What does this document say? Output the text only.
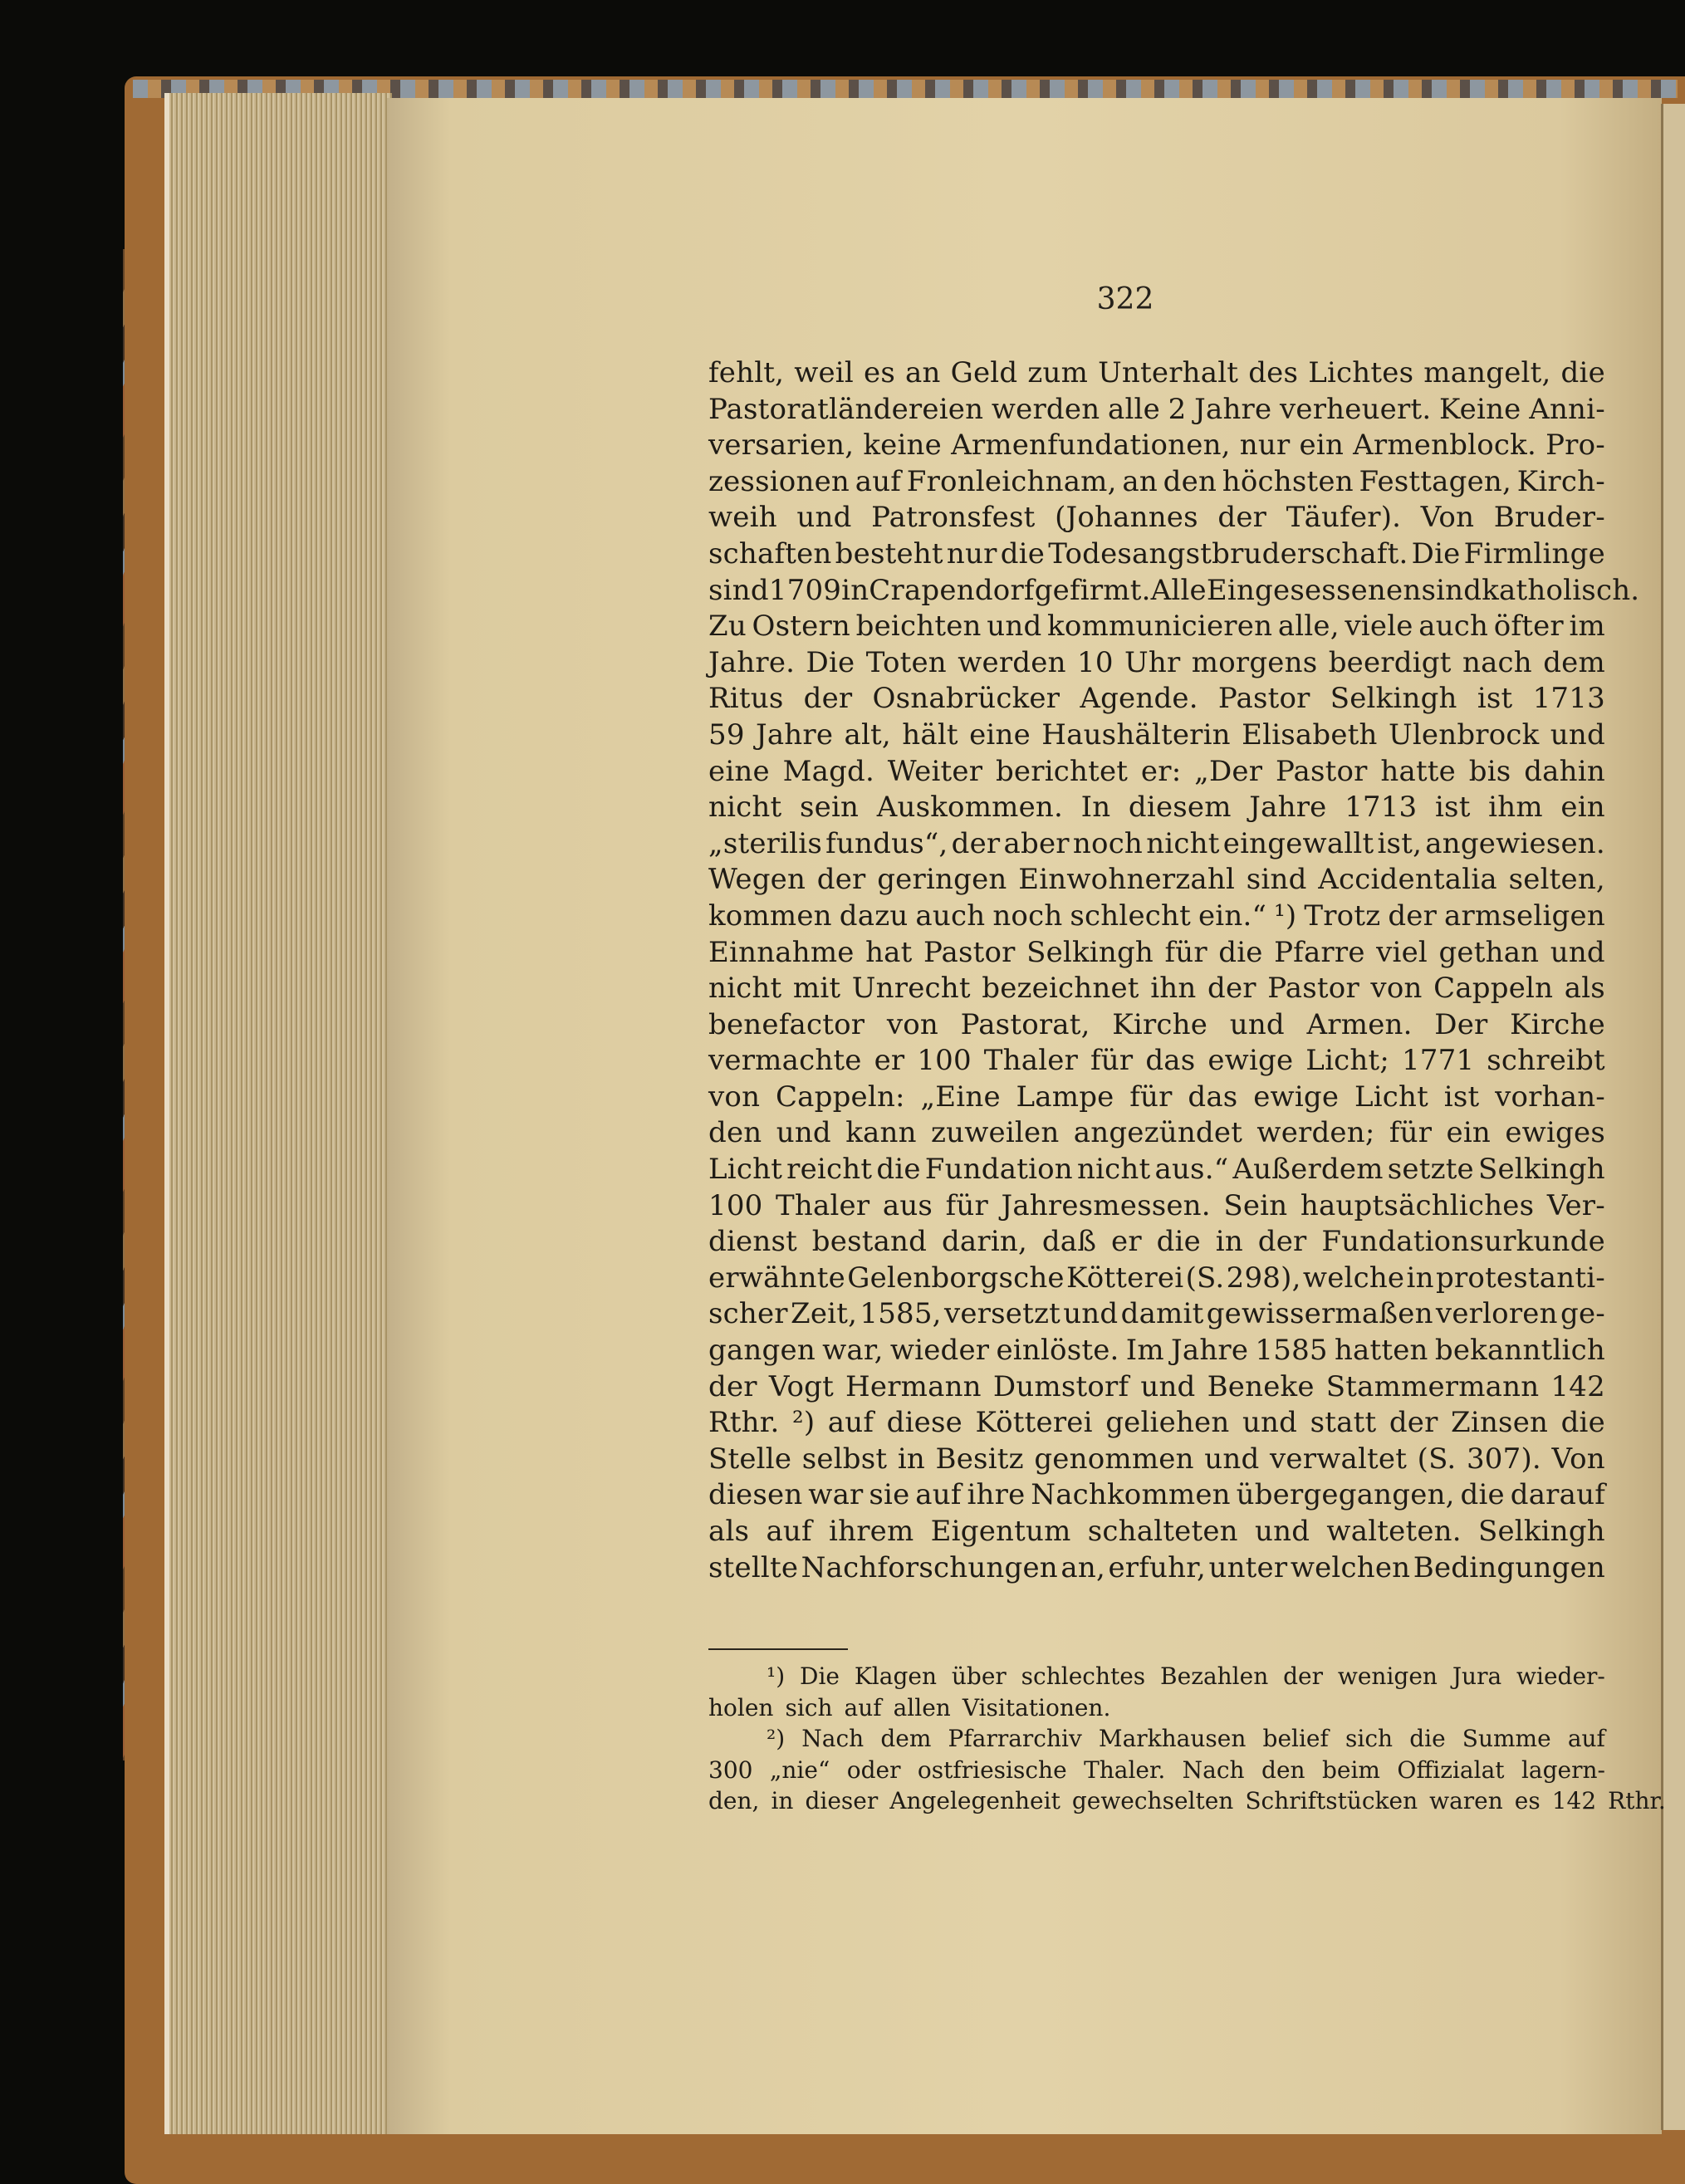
322
fehlt, weil es an Geld zum Unterhalt des Lichtes mangelt, die
Pastoratländereien werden alle 2 Jahre verheuert. Keine Anni-
versarien, keine Armenfundationen, nur ein Armenblock. Pro-
zessionen auf Fronleichnam, an den höchsten Festtagen, Kirch-
weih und Patronsfest (Johannes der Täufer). Von Bruder-
schaften besteht nur die Todesangstbruderschaft. Die Firmlinge
sind 1709 in Crapendorf gefirmt. Alle Eingesessenen sind katholisch.
Zu Ostern beichten und kommunicieren alle, viele auch öfter im
Jahre. Die Toten werden 10 Uhr morgens beerdigt nach dem
Ritus der Osnabrücker Agende. Pastor Selkingh ist 1713
59 Jahre alt, hält eine Haushälterin Elisabeth Ulenbrock und
eine Magd. Weiter berichtet er: „Der Pastor hatte bis dahin
nicht sein Auskommen. In diesem Jahre 1713 ist ihm ein
„sterilis fundus“, der aber noch nicht eingewallt ist, angewiesen.
Wegen der geringen Einwohnerzahl sind Accidentalia selten,
kommen dazu auch noch schlecht ein.“ ¹) Trotz der armseligen
Einnahme hat Pastor Selkingh für die Pfarre viel gethan und
nicht mit Unrecht bezeichnet ihn der Pastor von Cappeln als
benefactor von Pastorat, Kirche und Armen. Der Kirche
vermachte er 100 Thaler für das ewige Licht; 1771 schreibt
von Cappeln: „Eine Lampe für das ewige Licht ist vorhan-
den und kann zuweilen angezündet werden; für ein ewiges
Licht reicht die Fundation nicht aus.“ Außerdem setzte Selkingh
100 Thaler aus für Jahresmessen. Sein hauptsächliches Ver-
dienst bestand darin, daß er die in der Fundationsurkunde
erwähnte Gelenborgsche Kötterei (S. 298), welche in protestanti-
scher Zeit, 1585, versetzt und damit gewissermaßen verloren ge-
gangen war, wieder einlöste. Im Jahre 1585 hatten bekanntlich
der Vogt Hermann Dumstorf und Beneke Stammermann 142
Rthr. ²) auf diese Kötterei geliehen und statt der Zinsen die
Stelle selbst in Besitz genommen und verwaltet (S. 307). Von
diesen war sie auf ihre Nachkommen übergegangen, die darauf
als auf ihrem Eigentum schalteten und walteten. Selkingh
stellte Nachforschungen an, erfuhr, unter welchen Bedingungen
¹) Die Klagen über schlechtes Bezahlen der wenigen Jura wieder-
holen sich auf allen Visitationen.
²) Nach dem Pfarrarchiv Markhausen belief sich die Summe auf
300 „nie“ oder ostfriesische Thaler. Nach den beim Offizialat lagern-
den, in dieser Angelegenheit gewechselten Schriftstücken waren es 142 Rthr.
